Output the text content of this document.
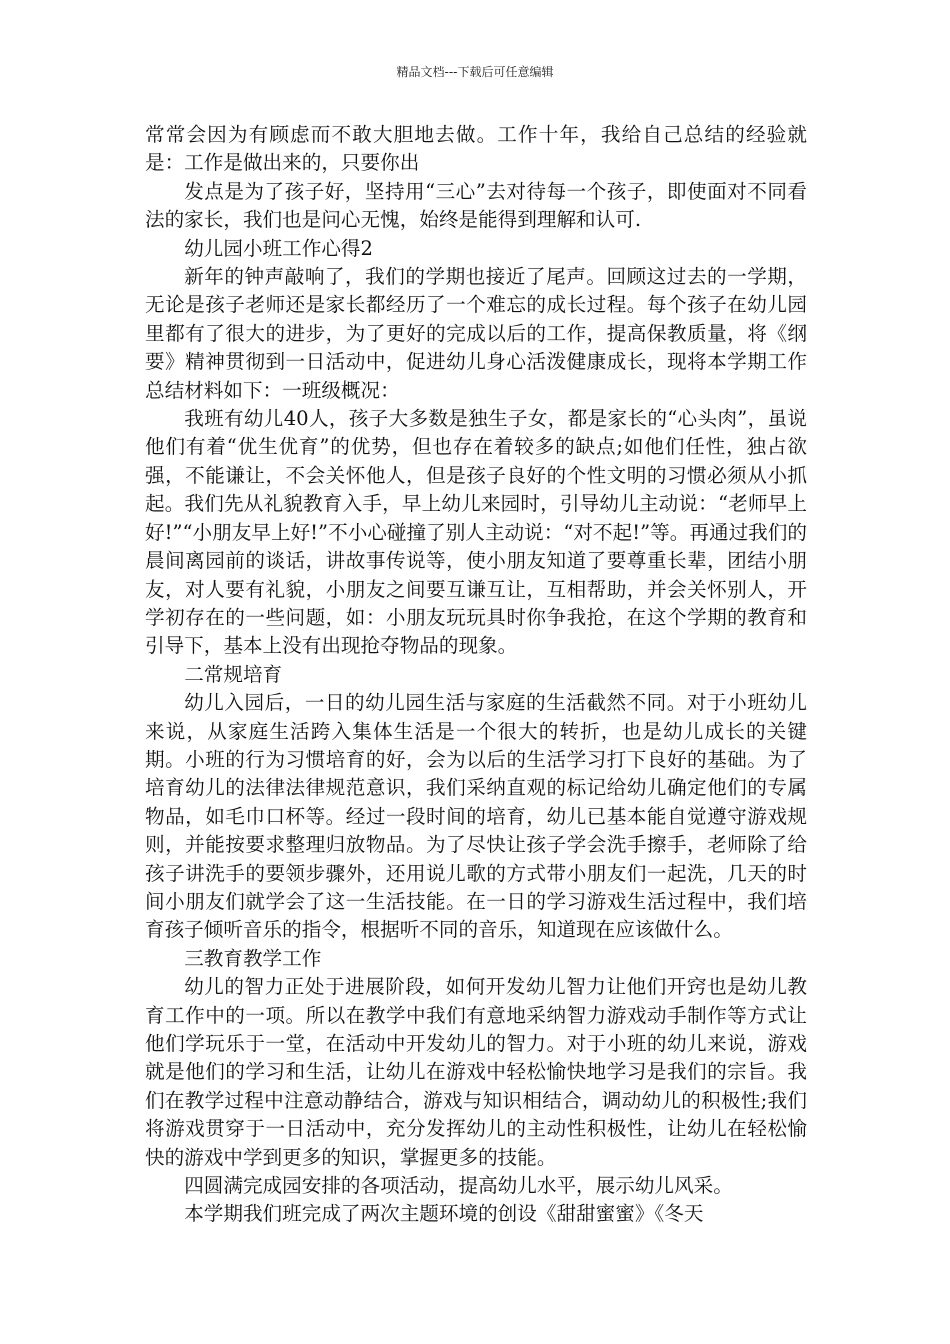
精品文档---下载后可任意编辑

常常会因为有顾虑而不敢大胆地去做。工作十年，我给自己总结的经验就是：工作是做出来的，只要你出

发点是为了孩子好，坚持用“三心”去对待每一个孩子，即使面对不同看法的家长，我们也是问心无愧，始终是能得到理解和认可.

幼儿园小班工作心得2

新年的钟声敲响了，我们的学期也接近了尾声。回顾这过去的一学期，无论是孩子老师还是家长都经历了一个难忘的成长过程。每个孩子在幼儿园里都有了很大的进步，为了更好的完成以后的工作，提高保教质量，将《纲要》精神贯彻到一日活动中，促进幼儿身心活泼健康成长，现将本学期工作总结材料如下：一班级概况：

我班有幼儿40人，孩子大多数是独生子女，都是家长的“心头肉”，虽说他们有着“优生优育”的优势，但也存在着较多的缺点;如他们任性，独占欲强，不能谦让，不会关怀他人，但是孩子良好的个性文明的习惯必须从小抓起。我们先从礼貌教育入手，早上幼儿来园时，引导幼儿主动说：“老师早上好!”“小朋友早上好!”不小心碰撞了别人主动说：“对不起!”等。再通过我们的晨间离园前的谈话，讲故事传说等，使小朋友知道了要尊重长辈，团结小朋友，对人要有礼貌，小朋友之间要互谦互让，互相帮助，并会关怀别人，开学初存在的一些问题，如：小朋友玩玩具时你争我抢，在这个学期的教育和引导下，基本上没有出现抢夺物品的现象。

二常规培育

幼儿入园后，一日的幼儿园生活与家庭的生活截然不同。对于小班幼儿来说，从家庭生活跨入集体生活是一个很大的转折，也是幼儿成长的关键期。小班的行为习惯培育的好，会为以后的生活学习打下良好的基础。为了培育幼儿的法律法律规范意识，我们采纳直观的标记给幼儿确定他们的专属物品，如毛巾口杯等。经过一段时间的培育，幼儿已基本能自觉遵守游戏规则，并能按要求整理归放物品。为了尽快让孩子学会洗手擦手，老师除了给孩子讲洗手的要领步骤外，还用说儿歌的方式带小朋友们一起洗，几天的时间小朋友们就学会了这一生活技能。在一日的学习游戏生活过程中，我们培育孩子倾听音乐的指令，根据听不同的音乐，知道现在应该做什么。

三教育教学工作

幼儿的智力正处于进展阶段，如何开发幼儿智力让他们开窍也是幼儿教育工作中的一项。所以在教学中我们有意地采纳智力游戏动手制作等方式让他们学玩乐于一堂，在活动中开发幼儿的智力。对于小班的幼儿来说，游戏就是他们的学习和生活，让幼儿在游戏中轻松愉快地学习是我们的宗旨。我们在教学过程中注意动静结合，游戏与知识相结合，调动幼儿的积极性;我们将游戏贯穿于一日活动中，充分发挥幼儿的主动性积极性，让幼儿在轻松愉快的游戏中学到更多的知识，掌握更多的技能。

四圆满完成园安排的各项活动，提高幼儿水平，展示幼儿风采。

本学期我们班完成了两次主题环境的创设《甜甜蜜蜜》《冬天
